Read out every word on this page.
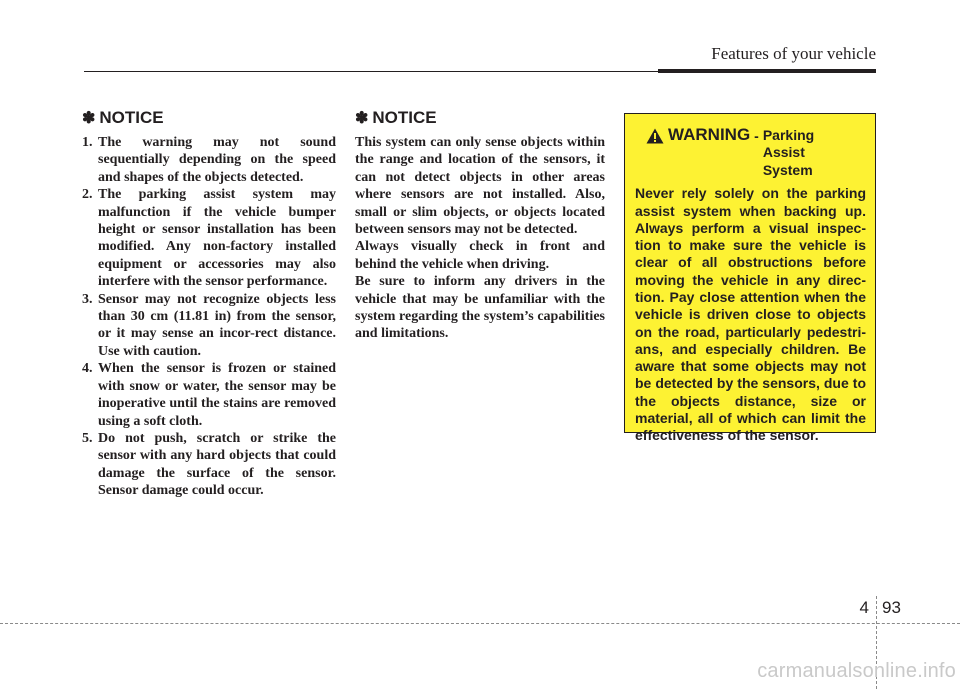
Features of your vehicle
✽ NOTICE
1. The warning may not sound sequentially depending on the speed and shapes of the objects detected.
2. The parking assist system may malfunction if the vehicle bumper height or sensor installation has been modified. Any non-factory installed equipment or accessories may also interfere with the sensor performance.
3. Sensor may not recognize objects less than 30 cm (11.81 in) from the sensor, or it may sense an incor-rect distance. Use with caution.
4. When the sensor is frozen or stained with snow or water, the sensor may be inoperative until the stains are removed using a soft cloth.
5. Do not push, scratch or strike the sensor with any hard objects that could damage the surface of the sensor. Sensor damage could occur.
✽ NOTICE

This system can only sense objects within the range and location of the sensors, it can not detect objects in other areas where sensors are not installed. Also, small or slim objects, or objects located between sensors may not be detected.

Always visually check in front and behind the vehicle when driving.

Be sure to inform any drivers in the vehicle that may be unfamiliar with the system regarding the system’s capabilities and limitations.

WARNING - Parking Assist System

Never rely solely on the parking assist system when backing up. Always perform a visual inspec-tion to make sure the vehicle is clear of all obstructions before moving the vehicle in any direc-tion. Pay close attention when the vehicle is driven close to objects on the road, particularly pedestri-ans, and especially children. Be aware that some objects may not be detected by the sensors, due to the objects distance, size or material, all of which can limit the effectiveness of the sensor.

4 93
carmanualsonline.info
